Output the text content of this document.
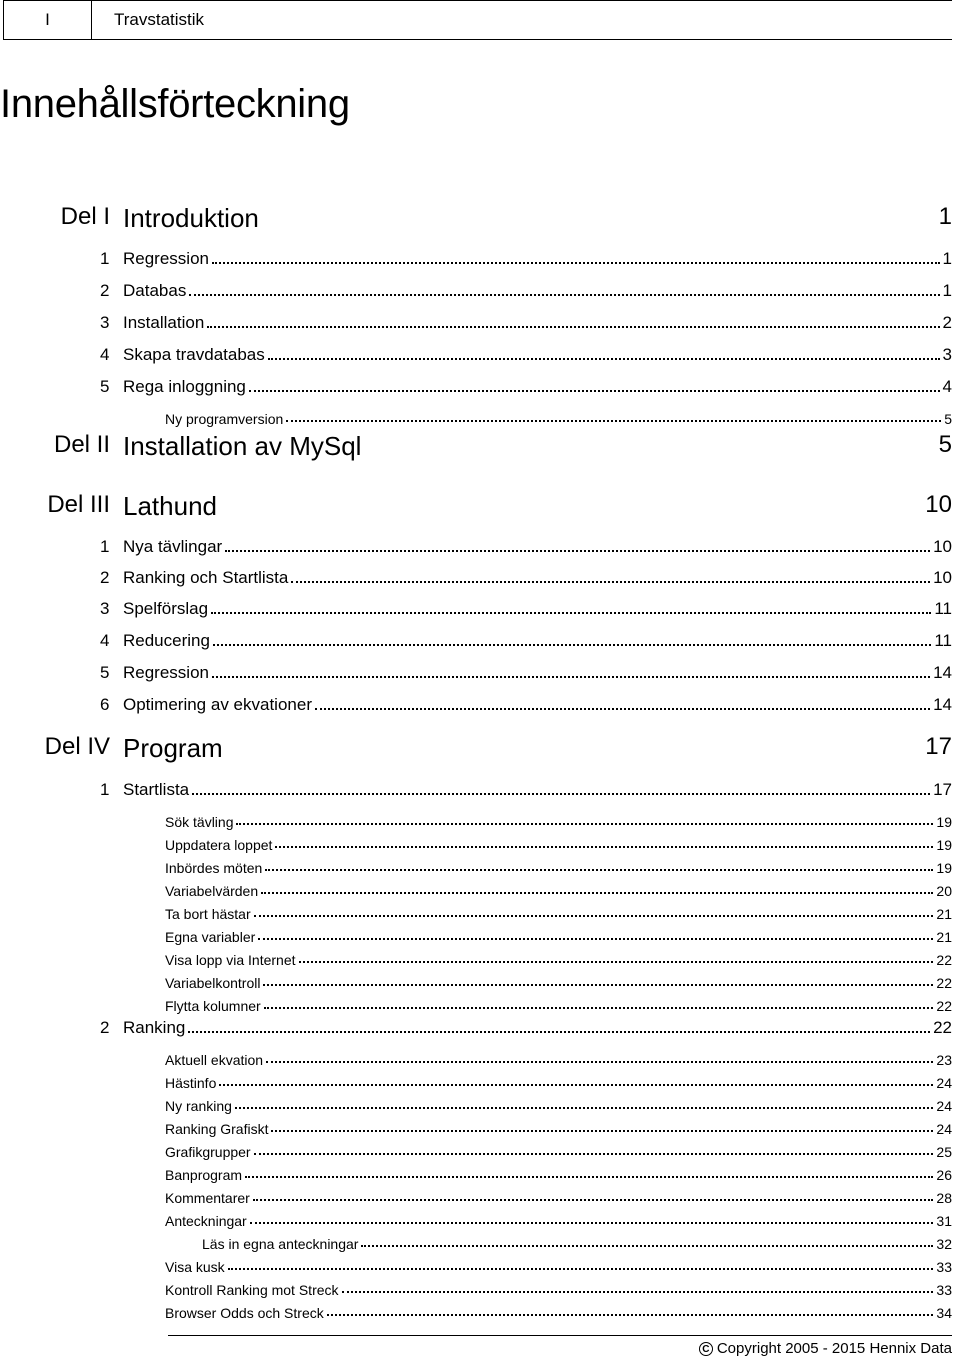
I	Travstatistik
Innehållsförteckning
Del I Introduktion	1
1 Regression	1
2 Databas	1
3 Installation	2
4 Skapa travdatabas	3
5 Rega inloggning	4
Ny programversion	5
Del II Installation av MySql	5
Del III Lathund	10
1 Nya tävlingar	10
2 Ranking och Startlista	10
3 Spelförslag	11
4 Reducering	11
5 Regression	14
6 Optimering av ekvationer	14
Del IV Program	17
1 Startlista	17
Sök tävling	19
Uppdatera loppet	19
Inbördes möten	19
Variabelvärden	20
Ta bort hästar	21
Egna variabler	21
Visa lopp via Internet	22
Variabelkontroll	22
Flytta kolumner	22
2 Ranking	22
Aktuell ekvation	23
Hästinfo	24
Ny ranking	24
Ranking Grafiskt	24
Grafikgrupper	25
Banprogram	26
Kommentarer	28
Anteckningar	31
Läs in egna anteckningar	32
Visa kusk	33
Kontroll Ranking mot Streck	33
Browser Odds och Streck	34
C Copyright 2005 - 2015 Hennix Data
